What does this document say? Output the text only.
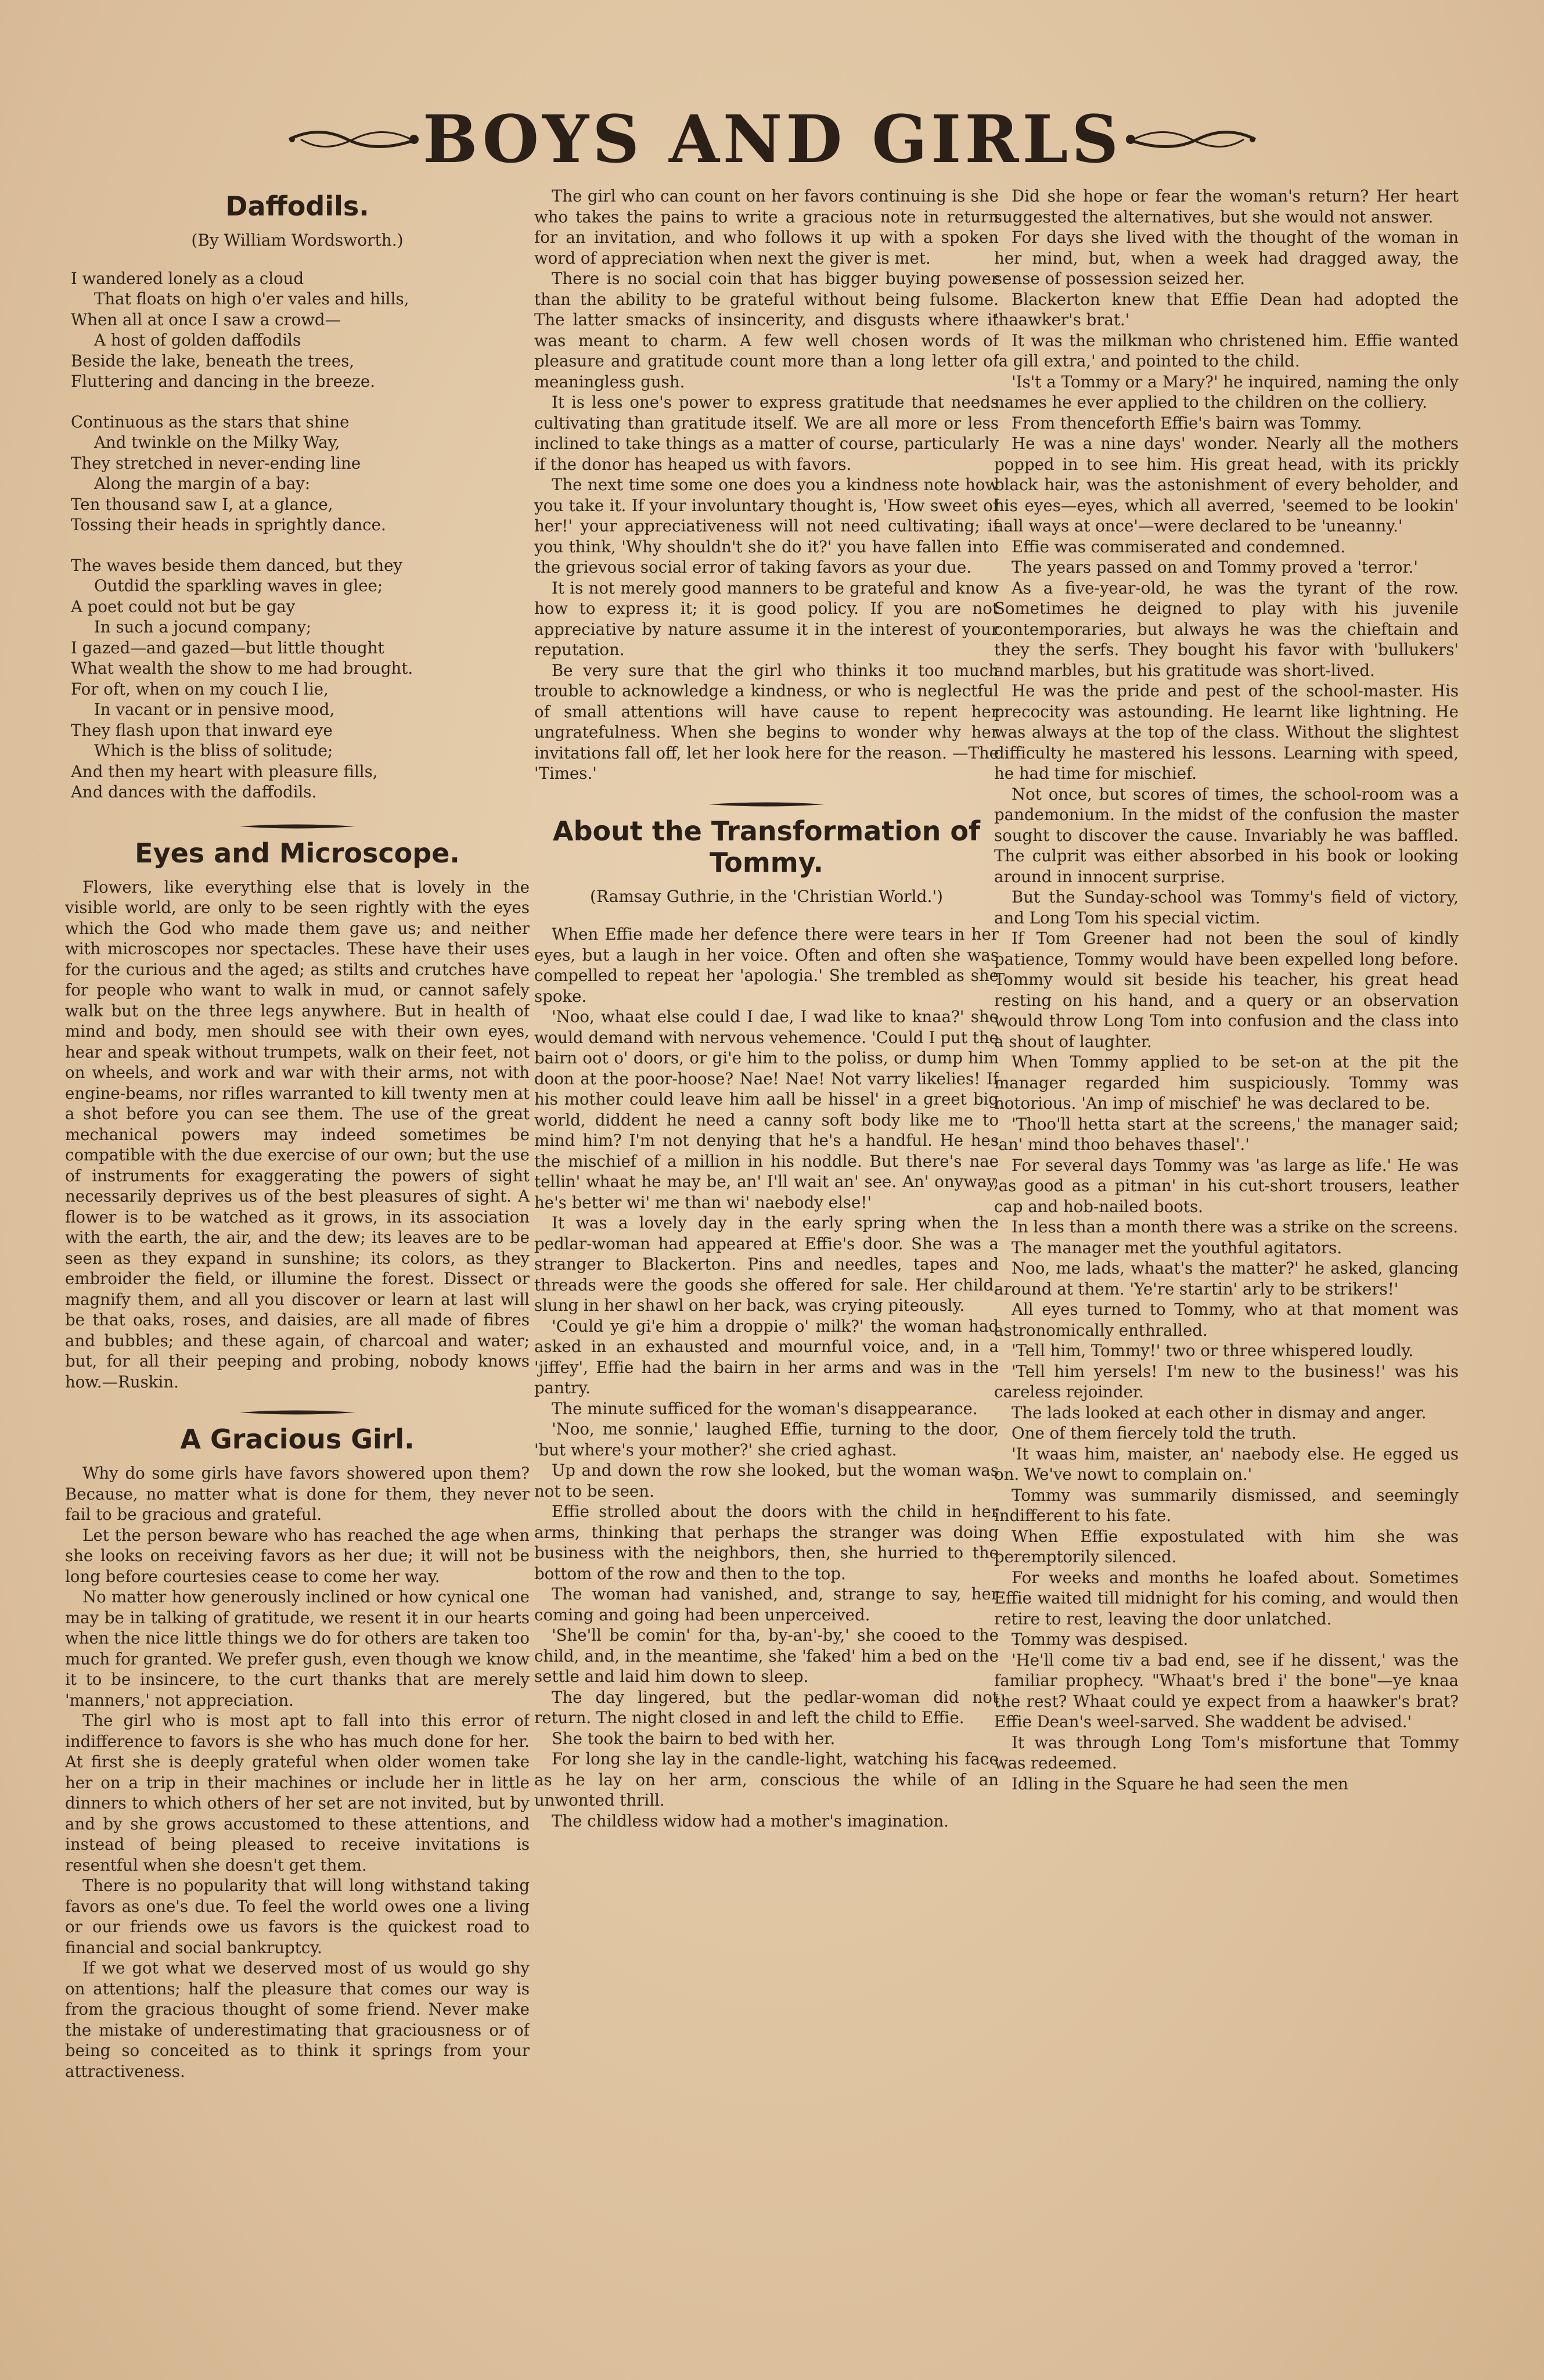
BOYS AND GIRLS
Daffodils.
(By William Wordsworth.)
I wandered lonely as a cloud
That floats on high o'er vales and hills,
When all at once I saw a crowd—
A host of golden daffodils
Beside the lake, beneath the trees,
Fluttering and dancing in the breeze.
Continuous as the stars that shine
And twinkle on the Milky Way,
They stretched in never-ending line
Along the margin of a bay:
Ten thousand saw I, at a glance,
Tossing their heads in sprightly dance.
The waves beside them danced, but they
Outdid the sparkling waves in glee;
A poet could not but be gay
In such a jocund company;
I gazed—and gazed—but little thought
What wealth the show to me had brought.
For oft, when on my couch I lie,
In vacant or in pensive mood,
They flash upon that inward eye
Which is the bliss of solitude;
And then my heart with pleasure fills,
And dances with the daffodils.
Eyes and Microscope.

Flowers, like everything else that is lovely in the visible world, are only to be seen rightly with the eyes which the God who made them gave us; and neither with microscopes nor spectacles. These have their uses for the curious and the aged; as stilts and crutches have for people who want to walk in mud, or cannot safely walk but on the three legs anywhere. But in health of mind and body, men should see with their own eyes, hear and speak without trumpets, walk on their feet, not on wheels, and work and war with their arms, not with engine-beams, nor rifles warranted to kill twenty men at a shot before you can see them. The use of the great mechanical powers may indeed sometimes be compatible with the due exercise of our own; but the use of instruments for exaggerating the powers of sight necessarily deprives us of the best pleasures of sight. A flower is to be watched as it grows, in its association with the earth, the air, and the dew; its leaves are to be seen as they expand in sunshine; its colors, as they embroider the field, or illumine the forest. Dissect or magnify them, and all you discover or learn at last will be that oaks, roses, and daisies, are all made of fibres and bubbles; and these again, of charcoal and water; but, for all their peeping and probing, nobody knows how.—Ruskin.

A Gracious Girl.

Why do some girls have favors showered upon them? Because, no matter what is done for them, they never fail to be gracious and grateful.

Let the person beware who has reached the age when she looks on receiving favors as her due; it will not be long before courtesies cease to come her way.

No matter how generously inclined or how cynical one may be in talking of gratitude, we resent it in our hearts when the nice little things we do for others are taken too much for granted. We prefer gush, even though we know it to be insincere, to the curt thanks that are merely 'manners,' not appreciation.

The girl who is most apt to fall into this error of indifference to favors is she who has much done for her. At first she is deeply grateful when older women take her on a trip in their machines or include her in little dinners to which others of her set are not invited, but by and by she grows accustomed to these attentions, and instead of being pleased to receive invitations is resentful when she doesn't get them.

There is no popularity that will long withstand taking favors as one's due. To feel the world owes one a living or our friends owe us favors is the quickest road to financial and social bankruptcy.

If we got what we deserved most of us would go shy on attentions; half the pleasure that comes our way is from the gracious thought of some friend. Never make the mistake of underestimating that graciousness or of being so conceited as to think it springs from your attractiveness.

The girl who can count on her favors continuing is she who takes the pains to write a gracious note in return for an invitation, and who follows it up with a spoken word of appreciation when next the giver is met.

There is no social coin that has bigger buying power than the ability to be grateful without being fulsome. The latter smacks of insincerity, and disgusts where it was meant to charm. A few well chosen words of pleasure and gratitude count more than a long letter of meaningless gush.

It is less one's power to express gratitude that needs cultivating than gratitude itself. We are all more or less inclined to take things as a matter of course, particularly if the donor has heaped us with favors.

The next time some one does you a kindness note how you take it. If your involuntary thought is, 'How sweet of her!' your appreciativeness will not need cultivating; if you think, 'Why shouldn't she do it?' you have fallen into the grievous social error of taking favors as your due.

It is not merely good manners to be grateful and know how to express it; it is good policy. If you are not appreciative by nature assume it in the interest of your reputation.

Be very sure that the girl who thinks it too much trouble to acknowledge a kindness, or who is neglectful of small attentions will have cause to repent her ungratefulness. When she begins to wonder why her invitations fall off, let her look here for the reason. —The 'Times.'

About the Transformation of Tommy.
(Ramsay Guthrie, in the 'Christian World.')

When Effie made her defence there were tears in her eyes, but a laugh in her voice. Often and often she was compelled to repeat her 'apologia.' She trembled as she spoke.

'Noo, whaat else could I dae, I wad like to knaa?' she would demand with nervous vehemence. 'Could I put the bairn oot o' doors, or gi'e him to the poliss, or dump him doon at the poor-hoose? Nae! Nae! Not varry likelies! If his mother could leave him aall be hissel' in a greet big world, diddent he need a canny soft body like me to mind him? I'm not denying that he's a handful. He hes the mischief of a million in his noddle. But there's nae tellin' whaat he may be, an' I'll wait an' see. An' onyway, he's better wi' me than wi' naebody else!'

It was a lovely day in the early spring when the pedlar-woman had appeared at Effie's door. She was a stranger to Blackerton. Pins and needles, tapes and threads were the goods she offered for sale. Her child, slung in her shawl on her back, was crying piteously.

'Could ye gi'e him a droppie o' milk?' the woman had asked in an exhausted and mournful voice, and, in a 'jiffey', Effie had the bairn in her arms and was in the pantry.

The minute sufficed for the woman's disappearance.

'Noo, me sonnie,' laughed Effie, turning to the door, 'but where's your mother?' she cried aghast.

Up and down the row she looked, but the woman was not to be seen.

Effie strolled about the doors with the child in her arms, thinking that perhaps the stranger was doing business with the neighbors, then, she hurried to the bottom of the row and then to the top.

The woman had vanished, and, strange to say, her coming and going had been unperceived.

'She'll be comin' for tha, by-an'-by,' she cooed to the child, and, in the meantime, she 'faked' him a bed on the settle and laid him down to sleep.

The day lingered, but the pedlar-woman did not return. The night closed in and left the child to Effie.

She took the bairn to bed with her.

For long she lay in the candle-light, watching his face as he lay on her arm, conscious the while of an unwonted thrill.

The childless widow had a mother's imagination.

Did she hope or fear the woman's return? Her heart suggested the alternatives, but she would not answer.

For days she lived with the thought of the woman in her mind, but, when a week had dragged away, the sense of possession seized her.

Blackerton knew that Effie Dean had adopted the 'haawker's brat.'

It was the milkman who christened him. Effie wanted 'a gill extra,' and pointed to the child.

'Is't a Tommy or a Mary?' he inquired, naming the only names he ever applied to the children on the colliery.

From thenceforth Effie's bairn was Tommy.

He was a nine days' wonder. Nearly all the mothers popped in to see him. His great head, with its prickly black hair, was the astonishment of every beholder, and his eyes—eyes, which all averred, 'seemed to be lookin' aall ways at once'—were declared to be 'uneanny.'

Effie was commiserated and condemned.

The years passed on and Tommy proved a 'terror.'

As a five-year-old, he was the tyrant of the row. Sometimes he deigned to play with his juvenile contemporaries, but always he was the chieftain and they the serfs. They bought his favor with 'bullukers' and marbles, but his gratitude was short-lived.

He was the pride and pest of the school-master. His precocity was astounding. He learnt like lightning. He was always at the top of the class. Without the slightest difficulty he mastered his lessons. Learning with speed, he had time for mischief.

Not once, but scores of times, the school-room was a pandemonium. In the midst of the confusion the master sought to discover the cause. Invariably he was baffled. The culprit was either absorbed in his book or looking around in innocent surprise.

But the Sunday-school was Tommy's field of victory, and Long Tom his special victim.

If Tom Greener had not been the soul of kindly patience, Tommy would have been expelled long before. Tommy would sit beside his teacher, his great head resting on his hand, and a query or an observation would throw Long Tom into confusion and the class into a shout of laughter.

When Tommy applied to be set-on at the pit the manager regarded him suspiciously. Tommy was notorious. 'An imp of mischief' he was declared to be.

'Thoo'll hetta start at the screens,' the manager said; 'an' mind thoo behaves thasel'.'

For several days Tommy was 'as large as life.' He was 'as good as a pitman' in his cut-short trousers, leather cap and hob-nailed boots.

In less than a month there was a strike on the screens.

The manager met the youthful agitators.

Noo, me lads, whaat's the matter?' he asked, glancing around at them. 'Ye're startin' arly to be strikers!'

All eyes turned to Tommy, who at that moment was astronomically enthralled.

'Tell him, Tommy!' two or three whispered loudly.

'Tell him yersels! I'm new to the business!' was his careless rejoinder.

The lads looked at each other in dismay and anger.

One of them fiercely told the truth.

'It waas him, maister, an' naebody else. He egged us on. We've nowt to complain on.'

Tommy was summarily dismissed, and seemingly indifferent to his fate.

When Effie expostulated with him she was peremptorily silenced.

For weeks and months he loafed about. Sometimes Effie waited till midnight for his coming, and would then retire to rest, leaving the door unlatched.

Tommy was despised.

'He'll come tiv a bad end, see if he dissent,' was the familiar prophecy. "Whaat's bred i' the bone"—ye knaa the rest? Whaat could ye expect from a haawker's brat? Effie Dean's weel-sarved. She waddent be advised.'

It was through Long Tom's misfortune that Tommy was redeemed.

Idling in the Square he had seen the men
